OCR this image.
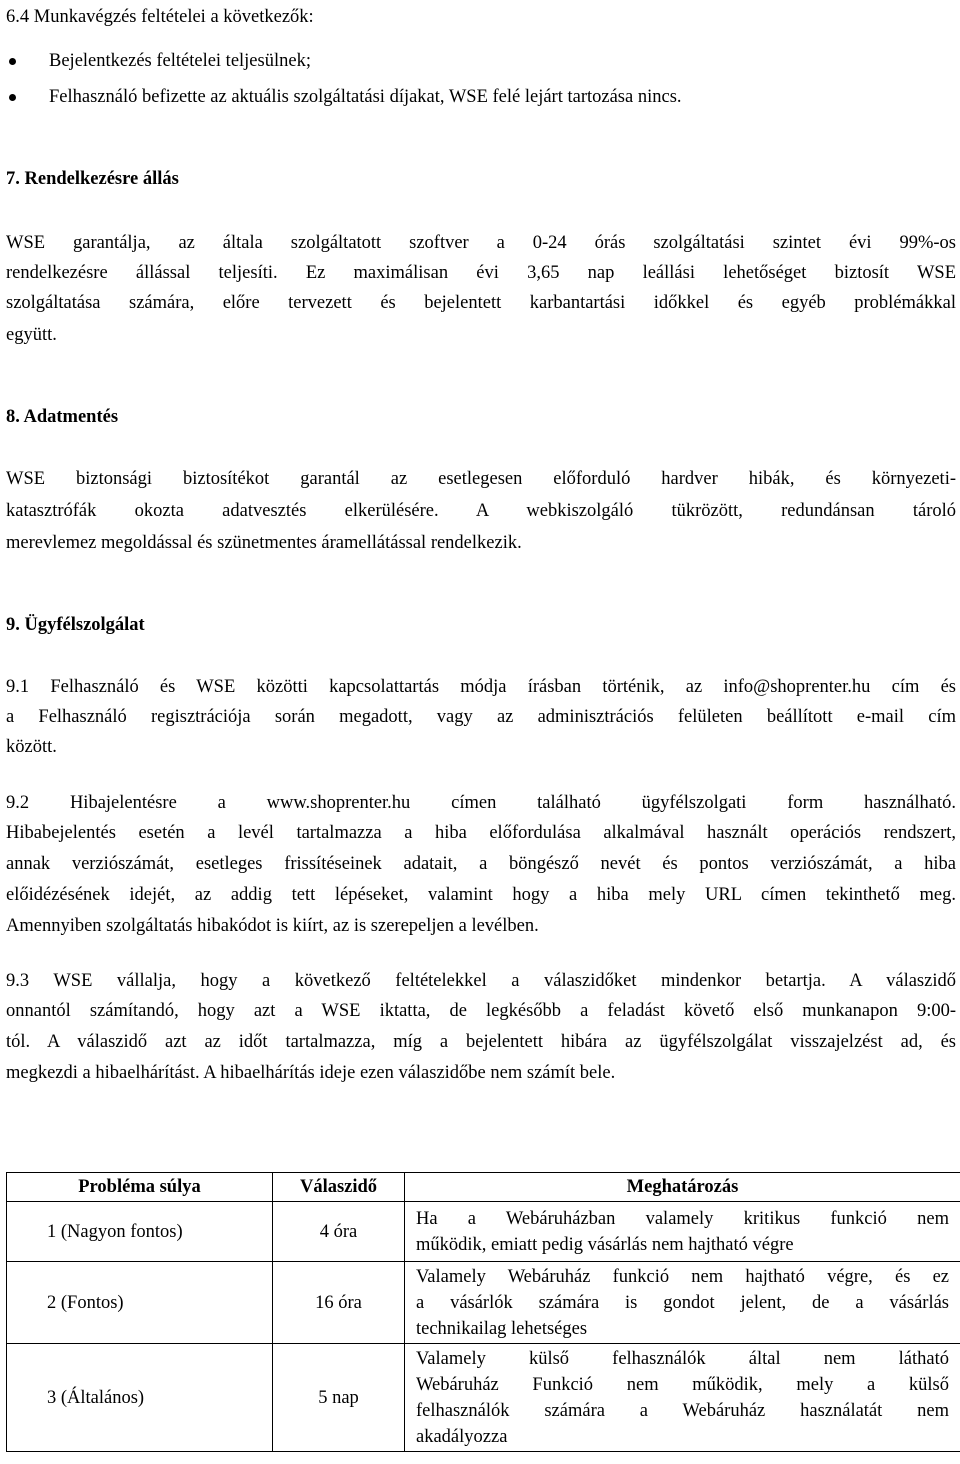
6.4 Munkavégzés feltételei a következők:
Bejelentkezés feltételei teljesülnek;
Felhasználó befizette az aktuális szolgáltatási díjakat, WSE felé lejárt tartozása nincs.
7. Rendelkezésre állás
WSE garantálja, az általa szolgáltatott szoftver a 0-24 órás szolgáltatási szintet évi 99%-os
rendelkezésre állással teljesíti. Ez maximálisan évi 3,65 nap leállási lehetőséget biztosít WSE
szolgáltatása számára, előre tervezett és bejelentett karbantartási időkkel és egyéb problémákkal
együtt.
8. Adatmentés
WSE biztonsági biztosítékot garantál az esetlegesen előforduló hardver hibák, és környezeti-
katasztrófák okozta adatvesztés elkerülésére. A webkiszolgáló tükrözött, redundánsan tároló
merevlemez megoldással és szünetmentes áramellátással rendelkezik.
9. Ügyfélszolgálat
9.1 Felhasználó és WSE közötti kapcsolattartás módja írásban történik, az info@shoprenter.hu cím és
a Felhasználó regisztrációja során megadott, vagy az adminisztrációs felületen beállított e-mail cím
között.
9.2 Hibajelentésre a www.shoprenter.hu címen található ügyfélszolgati form használható.
Hibabejelentés esetén a levél tartalmazza a hiba előfordulása alkalmával használt operációs rendszert,
annak verziószámát, esetleges frissítéseinek adatait, a böngésző nevét és pontos verziószámát, a hiba
előidézésének idejét, az addig tett lépéseket, valamint hogy a hiba mely URL címen tekinthető meg.
Amennyiben szolgáltatás hibakódot is kiírt, az is szerepeljen a levélben.
9.3 WSE vállalja, hogy a következő feltételekkel a válaszidőket mindenkor betartja. A válaszidő
onnantól számítandó, hogy azt a WSE iktatta, de legkésőbb a feladást követő első munkanapon 9:00-
tól. A válaszidő azt az időt tartalmazza, míg a bejelentett hibára az ügyfélszolgálat visszajelzést ad, és
megkezdi a hibaelhárítást. A hibaelhárítás ideje ezen válaszidőbe nem számít bele.
Probléma súlya	Válaszidő	Meghatározás
1 (Nagyon fontos)	4 óra	Ha a Webáruházban valamely kritikus funkció nem
működik, emiatt pedig vásárlás nem hajtható végre

2 (Fontos)	16 óra	Valamely Webáruház funkció nem hajtható végre, és ez
a vásárlók számára is gondot jelent, de a vásárlás
technikailag lehetséges

3 (Általános)	5 nap	Valamely külső felhasználók által nem látható
Webáruház Funkció nem működik, mely a külső
felhasználók számára a Webáruház használatát nem
akadályozza
